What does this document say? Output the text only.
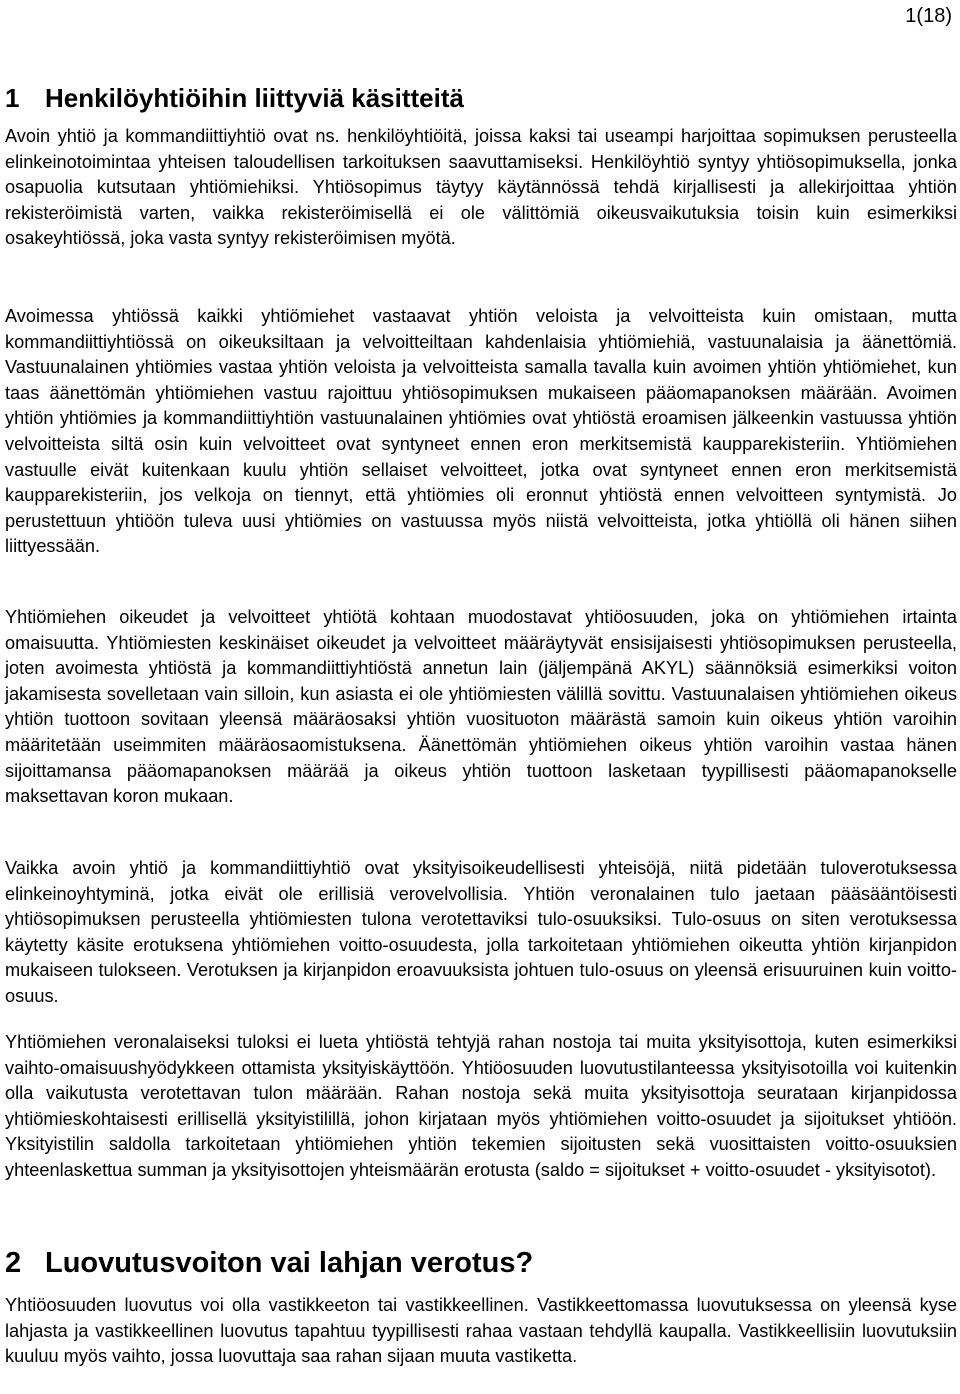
1(18)
1 Henkilöyhtiöihin liittyviä käsitteitä

Avoin yhtiö ja kommandiittiyhtiö ovat ns. henkilöyhtiöitä, joissa kaksi tai useampi harjoittaa sopimuksen perusteella elinkeinotoimintaa yhteisen taloudellisen tarkoituksen saavuttamiseksi. Henkilöyhtiö syntyy yhtiösopimuksella, jonka osapuolia kutsutaan yhtiömiehiksi. Yhtiösopimus täytyy käytännössä tehdä kirjallisesti ja allekirjoittaa yhtiön rekisteröimistä varten, vaikka rekisteröimisellä ei ole välittömiä oikeusvaikutuksia toisin kuin esimerkiksi osakeyhtiössä, joka vasta syntyy rekisteröimisen myötä.

Avoimessa yhtiössä kaikki yhtiömiehet vastaavat yhtiön veloista ja velvoitteista kuin omistaan, mutta kommandiittiyhtiössä on oikeuksiltaan ja velvoitteiltaan kahdenlaisia yhtiömiehiä, vastuunalaisia ja äänettömiä. Vastuunalainen yhtiömies vastaa yhtiön veloista ja velvoitteista samalla tavalla kuin avoimen yhtiön yhtiömiehet, kun taas äänettömän yhtiömiehen vastuu rajoittuu yhtiösopimuksen mukaiseen pääomapanoksen määrään. Avoimen yhtiön yhtiömies ja kommandiittiyhtiön vastuunalainen yhtiömies ovat yhtiöstä eroamisen jälkeenkin vastuussa yhtiön velvoitteista siltä osin kuin velvoitteet ovat syntyneet ennen eron merkitsemistä kaupparekisteriin. Yhtiömiehen vastuulle eivät kuitenkaan kuulu yhtiön sellaiset velvoitteet, jotka ovat syntyneet ennen eron merkitsemistä kaupparekisteriin, jos velkoja on tiennyt, että yhtiömies oli eronnut yhtiöstä ennen velvoitteen syntymistä. Jo perustettuun yhtiöön tuleva uusi yhtiömies on vastuussa myös niistä velvoitteista, jotka yhtiöllä oli hänen siihen liittyessään.

Yhtiömiehen oikeudet ja velvoitteet yhtiötä kohtaan muodostavat yhtiöosuuden, joka on yhtiömiehen irtainta omaisuutta. Yhtiömiesten keskinäiset oikeudet ja velvoitteet määräytyvät ensisijaisesti yhtiösopimuksen perusteella, joten avoimesta yhtiöstä ja kommandiittiyhtiöstä annetun lain (jäljempänä AKYL) säännöksiä esimerkiksi voiton jakamisesta sovelletaan vain silloin, kun asiasta ei ole yhtiömiesten välillä sovittu. Vastuunalaisen yhtiömiehen oikeus yhtiön tuottoon sovitaan yleensä määräosaksi yhtiön vuosituoton määrästä samoin kuin oikeus yhtiön varoihin määritetään useimmiten määräosaomistuksena. Äänettömän yhtiömiehen oikeus yhtiön varoihin vastaa hänen sijoittamansa pääomapanoksen määrää ja oikeus yhtiön tuottoon lasketaan tyypillisesti pääomapanokselle maksettavan koron mukaan.

Vaikka avoin yhtiö ja kommandiittiyhtiö ovat yksityisoikeudellisesti yhteisöjä, niitä pidetään tuloverotuksessa elinkeinoyhtyminä, jotka eivät ole erillisiä verovelvollisia. Yhtiön veronalainen tulo jaetaan pääsääntöisesti yhtiösopimuksen perusteella yhtiömiesten tulona verotettaviksi tulo-osuuksiksi. Tulo-osuus on siten verotuksessa käytetty käsite erotuksena yhtiömiehen voitto-osuudesta, jolla tarkoitetaan yhtiömiehen oikeutta yhtiön kirjanpidon mukaiseen tulokseen. Verotuksen ja kirjanpidon eroavuuksista johtuen tulo-osuus on yleensä erisuuruinen kuin voitto-osuus.

Yhtiömiehen veronalaiseksi tuloksi ei lueta yhtiöstä tehtyjä rahan nostoja tai muita yksityisottoja, kuten esimerkiksi vaihto-omaisuushyödykkeen ottamista yksityiskäyttöön. Yhtiöosuuden luovutustilanteessa yksityisotoilla voi kuitenkin olla vaikutusta verotettavan tulon määrään. Rahan nostoja sekä muita yksityisottoja seurataan kirjanpidossa yhtiömieskohtaisesti erillisellä yksityistilillä, johon kirjataan myös yhtiömiehen voitto-osuudet ja sijoitukset yhtiöön. Yksityistilin saldolla tarkoitetaan yhtiömiehen yhtiön tekemien sijoitusten sekä vuosittaisten voitto-osuuksien yhteenlaskettua summan ja yksityisottojen yhteismäärän erotusta (saldo = sijoitukset + voitto-osuudet - yksityisotot).

2 Luovutusvoiton vai lahjan verotus?

Yhtiöosuuden luovutus voi olla vastikkeeton tai vastikkeellinen. Vastikkeettomassa luovutuksessa on yleensä kyse lahjasta ja vastikkeellinen luovutus tapahtuu tyypillisesti rahaa vastaan tehdyllä kaupalla. Vastikkeellisiin luovutuksiin kuuluu myös vaihto, jossa luovuttaja saa rahan sijaan muuta vastiketta.
